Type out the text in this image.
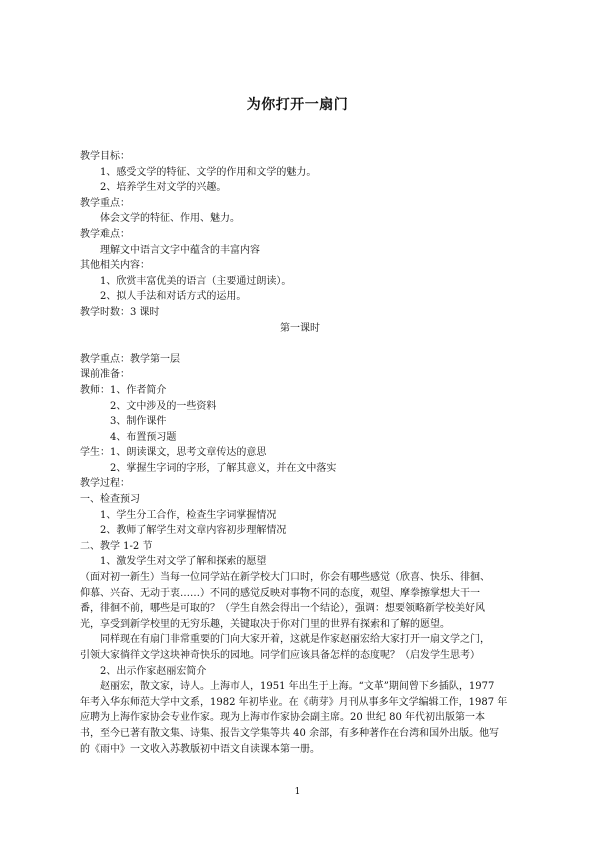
为你打开一扇门
教学目标：
1、感受文学的特征、文学的作用和文学的魅力。
2、培养学生对文学的兴趣。
教学重点：
体会文学的特征、作用、魅力。
教学难点：
理解文中语言文字中蕴含的丰富内容
其他相关内容：
1、欣赏丰富优美的语言（主要通过朗读）。
2、拟人手法和对话方式的运用。
教学时数：3 课时
第一课时
教学重点：教学第一层
课前准备：
教师：1、作者简介
2、文中涉及的一些资料
3、制作课件
4、布置预习题
学生：1、朗读课文，思考文章传达的意思
2、掌握生字词的字形，了解其意义，并在文中落实
教学过程：
一、检查预习
1、学生分工合作，检查生字词掌握情况
2、教师了解学生对文章内容初步理解情况
二、教学 1-2 节
1、激发学生对文学了解和探索的愿望
（面对初一新生）当每一位同学站在新学校大门口时，你会有哪些感觉（欣喜、快乐、徘徊、
仰慕、兴奋、无动于衷……）不同的感觉反映对事物不同的态度，观望、摩拳擦掌想大干一
番，徘徊不前，哪些是可取的？（学生自然会得出一个结论），强调：想要领略新学校美好风
光，享受到新学校里的无穷乐趣，关键取决于你对门里的世界有探索和了解的愿望。
同样现在有扇门非常重要的门向大家开着，这就是作家赵丽宏给大家打开一扇文学之门，
引领大家徜徉文学这块神奇快乐的园地。同学们应该具备怎样的态度呢？（启发学生思考）
2、出示作家赵丽宏简介
赵丽宏，散文家，诗人。上海市人，1951 年出生于上海。“文革”期间曾下乡插队，1977
年考入华东师范大学中文系，1982 年初毕业。在《萌芽》月刊从事多年文学编辑工作，1987 年
应聘为上海作家协会专业作家。现为上海市作家协会副主席。20 世纪 80 年代初出版第一本
书，至今已著有散文集、诗集、报告文学集等共 40 余部，有多种著作在台湾和国外出版。他写
的《雨中》一文收入苏教版初中语文自读课本第一册。
1
